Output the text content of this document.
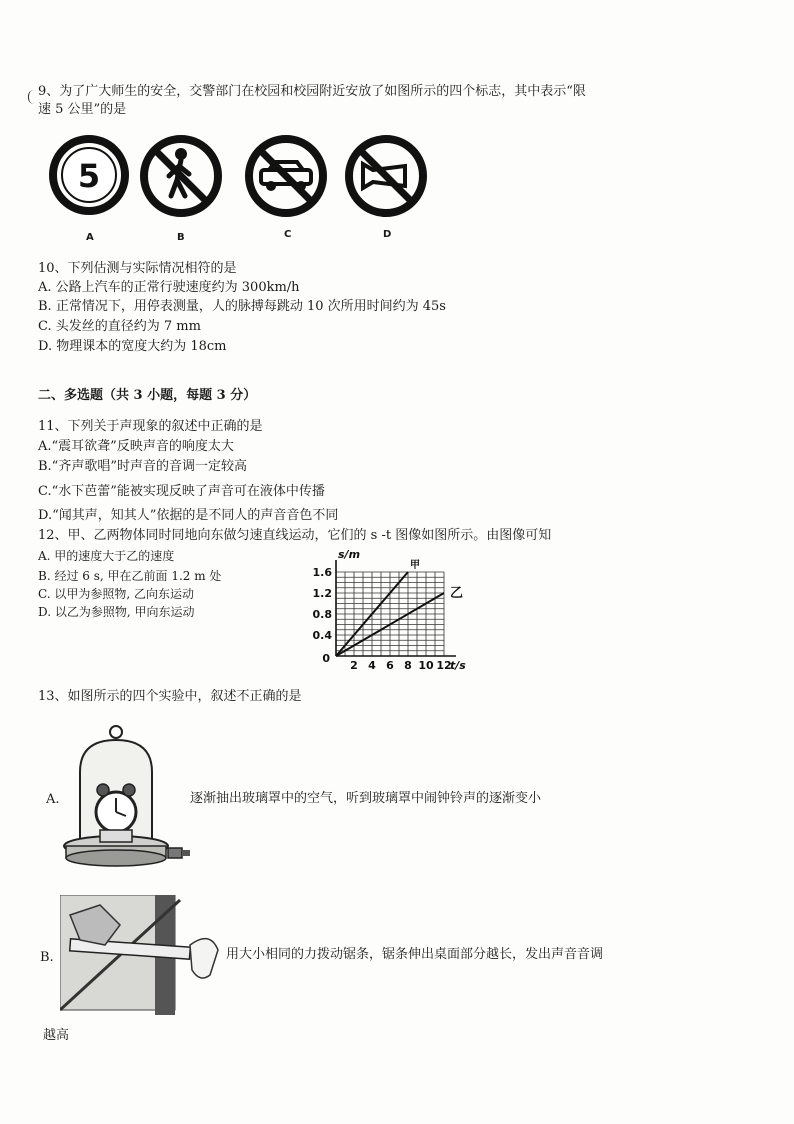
9、为了广大师生的安全，交警部门在校园和校园附近安放了如图所示的四个标志，其中表示“限
速 5 公里”的是
5
A	B	C	D
10、下列估测与实际情况相符的是
A. 公路上汽车的正常行驶速度约为 300km/h
B. 正常情况下，用停表测量，人的脉搏每跳动 10 次所用时间约为 45s
C. 头发丝的直径约为 7 mm
D. 物理课本的宽度大约为 18cm
二、多选题（共 3 小题，每题 3 分）
11、下列关于声现象的叙述中正确的是
A.“震耳欲聋”反映声音的响度太大
B.“齐声歌唱”时声音的音调一定较高
C.“水下芭蕾”能被实现反映了声音可在液体中传播
D.“闻其声，知其人”依据的是不同人的声音音色不同
12、甲、乙两物体同时同地向东做匀速直线运动，它们的 s -t 图像如图所示。由图像可知
A. 甲的速度大于乙的速度
B. 经过 6 s, 甲在乙前面 1.2 m 处
C. 以甲为参照物, 乙向东运动
D. 以乙为参照物, 甲向东运动
甲
乙
2 4 6 8 10 12
0.4
0.8
1.2
1.6
0
t/s
s/m
13、如图所示的四个实验中，叙述不正确的是
A.	逐渐抽出玻璃罩中的空气，听到玻璃罩中闹钟铃声的逐渐变小
B.	用大小相同的力拨动锯条，锯条伸出桌面部分越长，发出声音音调
越高
